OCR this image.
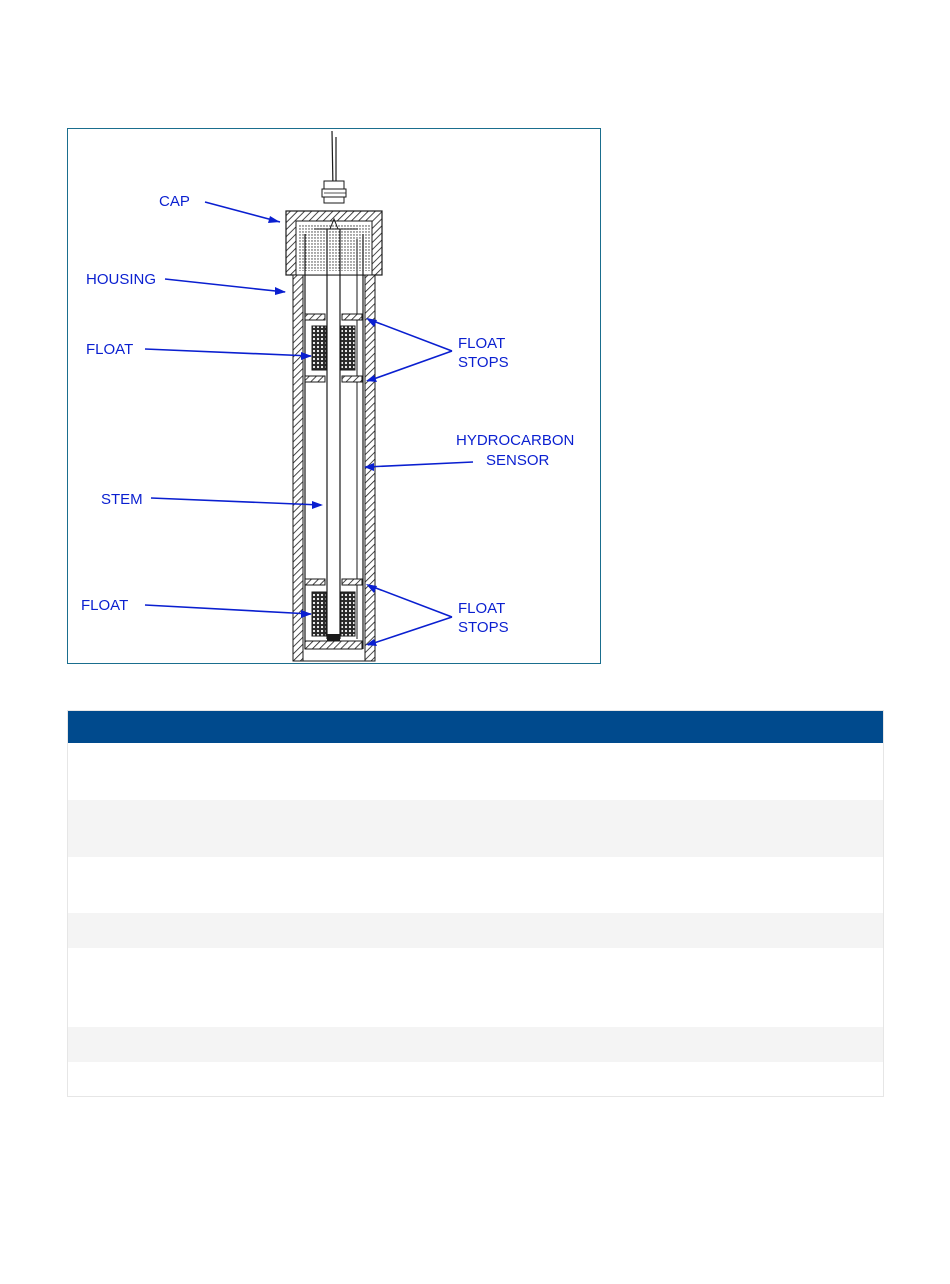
CAP
HOUSING
FLOAT	FLOAT
STOPS
HYDROCARBON
SENSOR
STEM
FLOAT	FLOAT
STOPS
